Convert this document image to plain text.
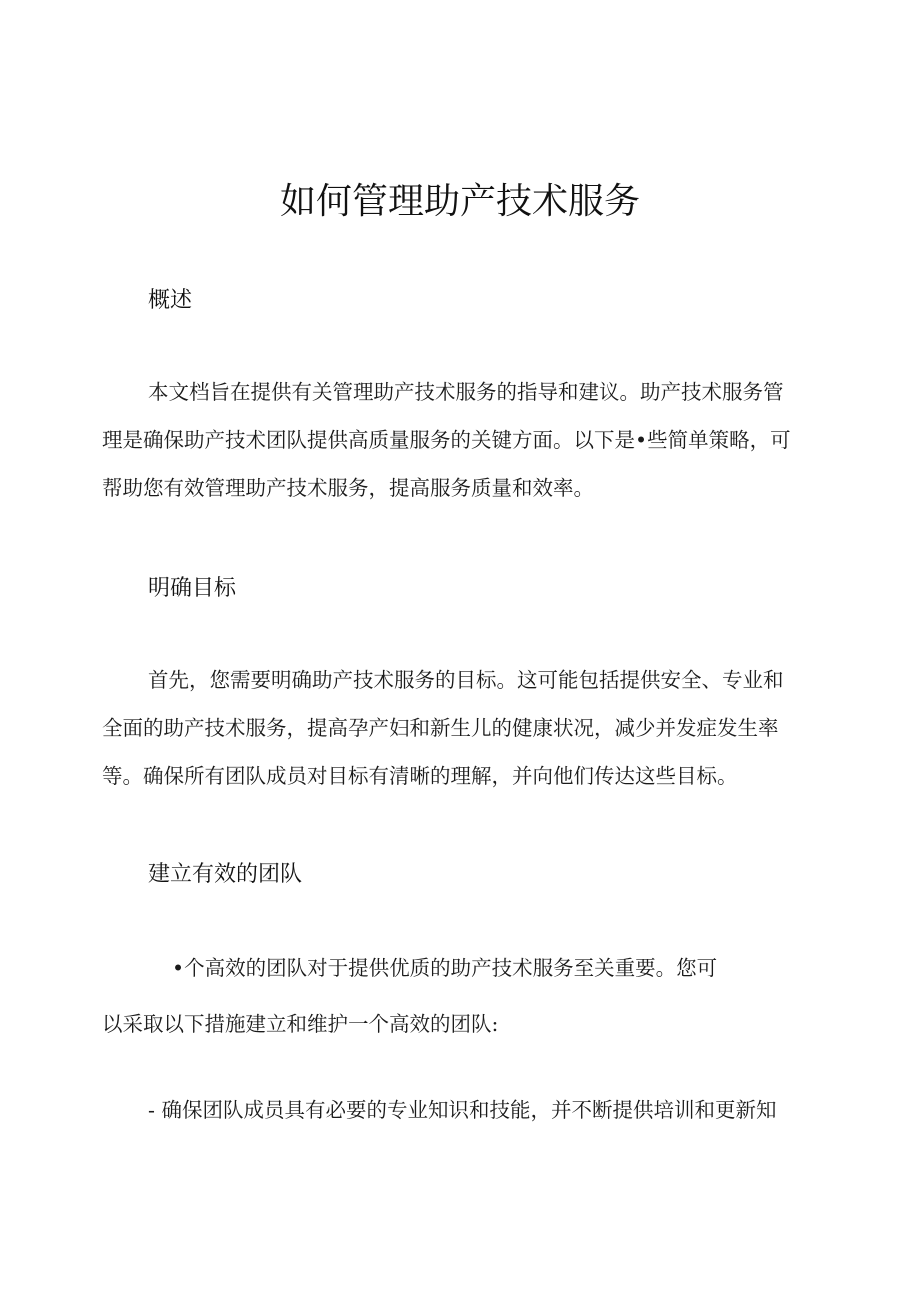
如何管理助产技术服务
概述
本文档旨在提供有关管理助产技术服务的指导和建议。助产技术服务管
理是确保助产技术团队提供高质量服务的关键方面。以下是•些简单策略，可
帮助您有效管理助产技术服务，提高服务质量和效率。
明确目标
首先，您需要明确助产技术服务的目标。这可能包括提供安全、专业和
全面的助产技术服务，提高孕产妇和新生儿的健康状况，减少并发症发生率
等。确保所有团队成员对目标有清晰的理解，并向他们传达这些目标。
建立有效的团队
•个高效的团队对于提供优质的助产技术服务至关重要。您可
以采取以下措施建立和维护一个高效的团队:
- 确保团队成员具有必要的专业知识和技能，并不断提供培训和更新知
